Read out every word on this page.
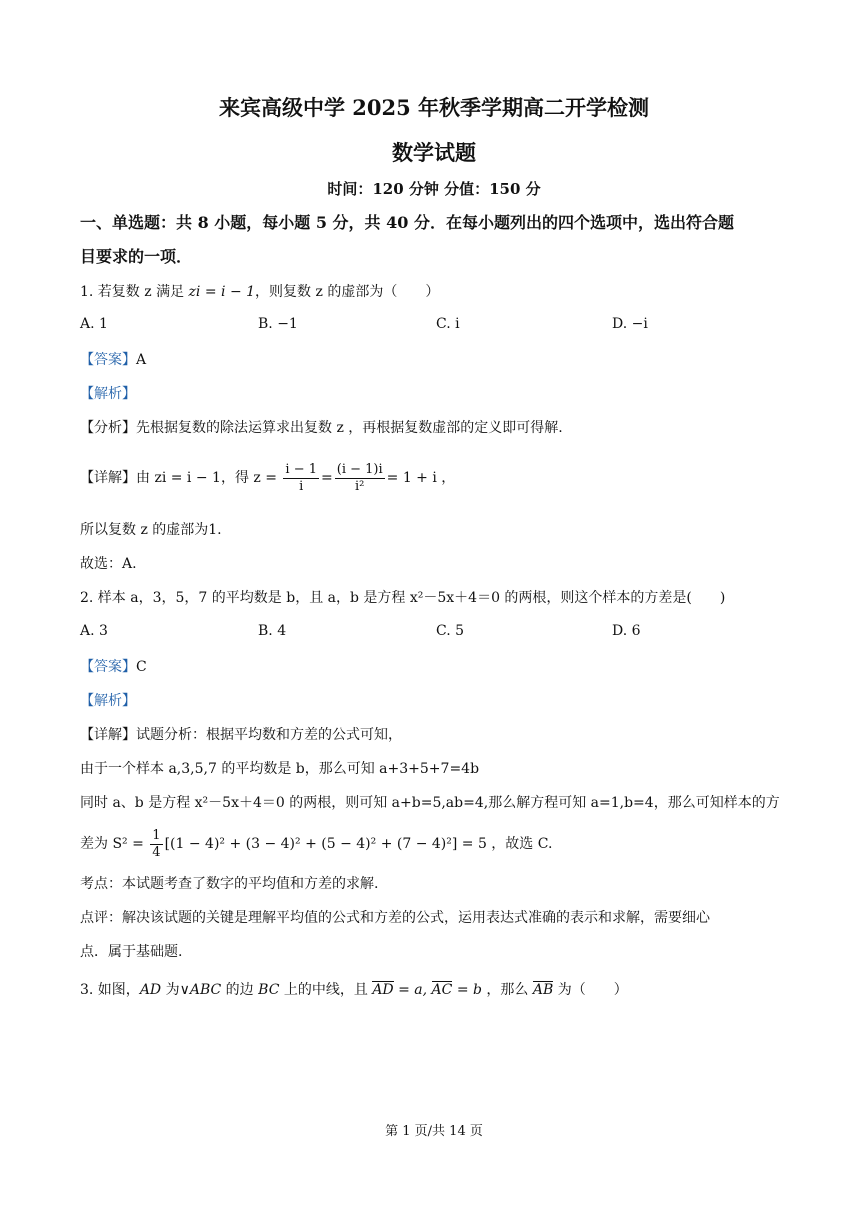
来宾高级中学 2025 年秋季学期高二开学检测
数学试题
时间：120 分钟 分值：150 分
一、单选题：共 8 小题，每小题 5 分，共 40 分．在每小题列出的四个选项中，选出符合题
目要求的一项．
1. 若复数 z 满足 zi = i − 1，则复数 z 的虚部为（　　）
A. 1	B. −1	C. i	D. −i
【答案】A
【解析】
【分析】先根据复数的除法运算求出复数 z ，再根据复数虚部的定义即可得解.
【详解】由 zi = i − 1，得 $z = \frac{i - 1}{i} = \frac{(i - 1)i}{\text{i²}} = 1 + i$ ，
所以复数 z 的虚部为1.
故选：A.
2. 样本 a，3，5，7 的平均数是 b，且 a，b 是方程 x²－5x＋4＝0 的两根，则这个样本的方差是(　　)
A. 3	B. 4	C. 5	D. 6
【答案】C
【解析】
【详解】试题分析：根据平均数和方差的公式可知，
由于一个样本 a,3,5,7 的平均数是 b，那么可知 a+3+5+7=4b
同时 a、b 是方程 x²－5x＋4＝0 的两根，则可知 a+b=5,ab=4,那么解方程可知 a=1,b=4，那么可知样本的方
差为 $S^2 = \frac{1}{4} [(1 - 4)^2 + (3 - 4)^2 + (5 - 4)^2 + (7 - 4)^2] = 5$ ，故选 C.
考点：本试题考查了数字的平均值和方差的求解.
点评：解决该试题的关键是理解平均值的公式和方差的公式，运用表达式准确的表示和求解，需要细心
点．属于基础题.
3. 如图，AD 为∨ABC 的边 BC 上的中线，且 AD = a, AC = b ，那么 AB 为（　　）
第 1 页/共 14 页
